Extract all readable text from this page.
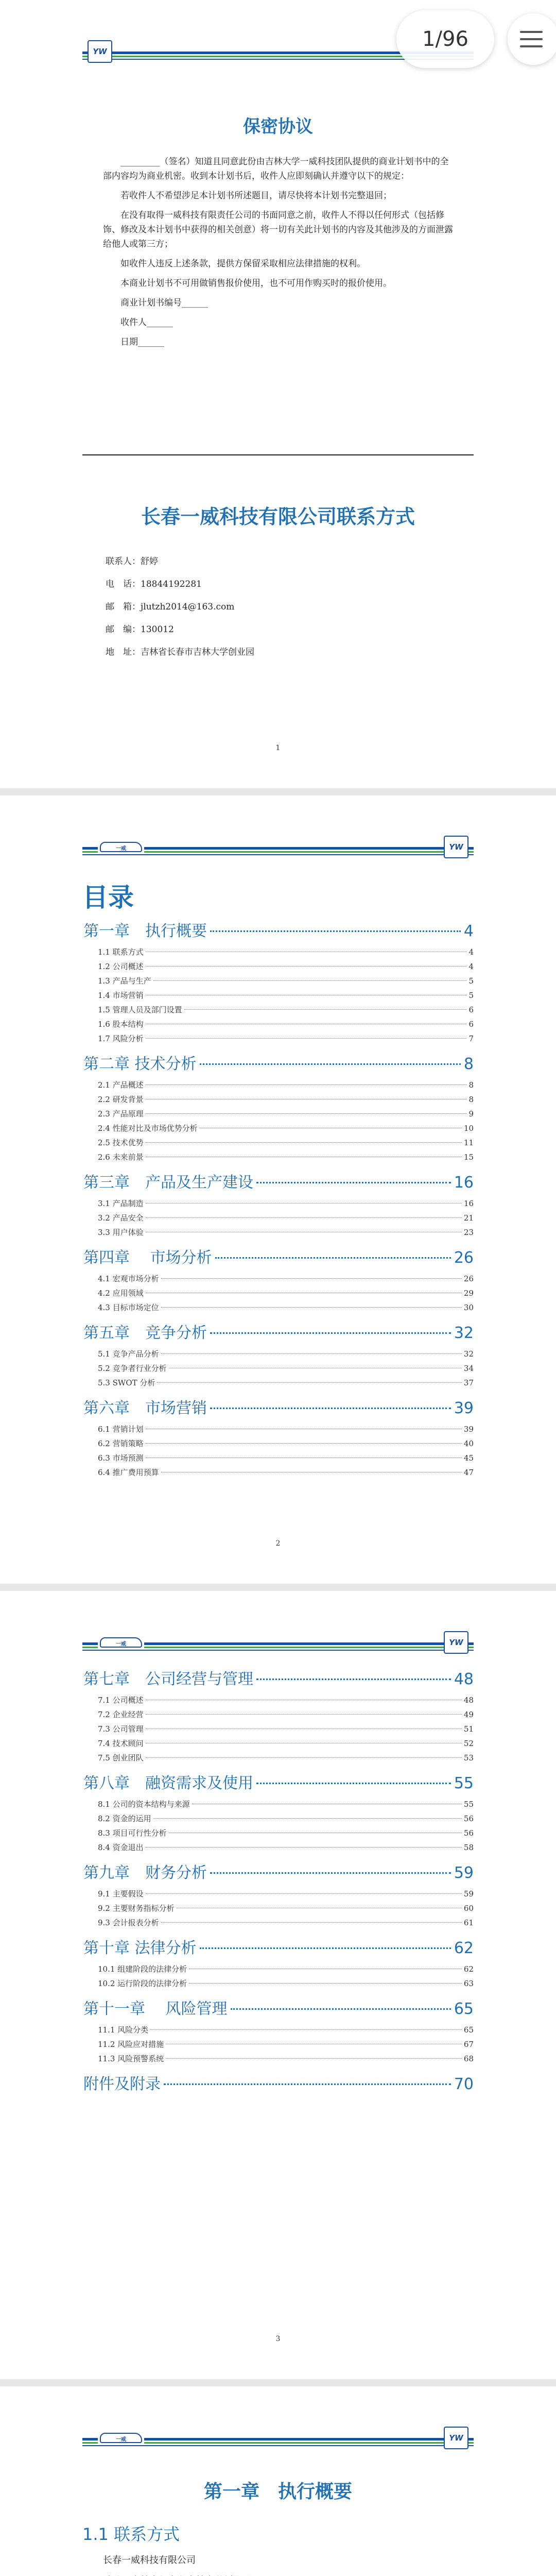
1/96
YW
保密协议

_________（签名）知道且同意此份由吉林大学一威科技团队提供的商业计划书中的全部内容均为商业机密。收到本计划书后，收件人应即刻确认并遵守以下的规定：

若收件人不希望涉足本计划书所述题目，请尽快将本计划书完整退回；

在没有取得一威科技有限责任公司的书面同意之前，收件人不得以任何形式（包括修饰、修改及本计划书中获得的相关创意）将一切有关此计划书的内容及其他涉及的方面泄露给他人或第三方；

如收件人违反上述条款，提供方保留采取相应法律措施的权利。

本商业计划书不可用做销售报价使用，也不可用作购买时的报价使用。

商业计划书编号______

收件人______

日期______

长春一威科技有限公司联系方式
联系人：舒婷
电　话：18844192281
邮　箱：jlutzh2014@163.com
邮　编：130012
地　址：吉林省长春市吉林大学创业园
1
一威	YW
目录
第一章　执行概要	4
1.1 联系方式	4
1.2 公司概述	4
1.3 产品与生产	5
1.4 市场营销	5
1.5 管理人员及部门设置	6
1.6 股本结构	6
1.7 风险分析	7
第二章 技术分析	8
2.1 产品概述	8
2.2 研发背景	8
2.3 产品原理	9
2.4 性能对比及市场优势分析	10
2.5 技术优势	11
2.6 未来前景	15
第三章　产品及生产建设	16
3.1 产品制造	16
3.2 产品安全	21
3.3 用户体验	23
第四章　 市场分析	26
4.1 宏观市场分析	26
4.2 应用领域	29
4.3 目标市场定位	30
第五章　竞争分析	32
5.1 竞争产品分析	32
5.2 竞争者行业分析	34
5.3 SWOT 分析	37
第六章　市场营销	39
6.1 营销计划	39
6.2 营销策略	40
6.3 市场预测	45
6.4 推广费用预算	47
2
一威	YW
第七章　公司经营与管理	48
7.1 公司概述	48
7.2 企业经营	49
7.3 公司管理	51
7.4 技术顾问	52
7.5 创业团队	53
第八章　融资需求及使用	55
8.1 公司的资本结构与来源	55
8.2 资金的运用	56
8.3 项目可行性分析	56
8.4 资金退出	58
第九章　财务分析	59
9.1 主要假设	59
9.2 主要财务指标分析	60
9.3 会计报表分析	61
第十章 法律分析	62
10.1 组建阶段的法律分析	62
10.2 运行阶段的法律分析	63
第十一章　 风险管理	65
11.1 风险分类	65
11.2 风险应对措施	67
11.3 风险预警系统	68
附件及附录	70
3
一威	YW
第一章　执行概要
1.1 联系方式
长春一威科技有限公司
